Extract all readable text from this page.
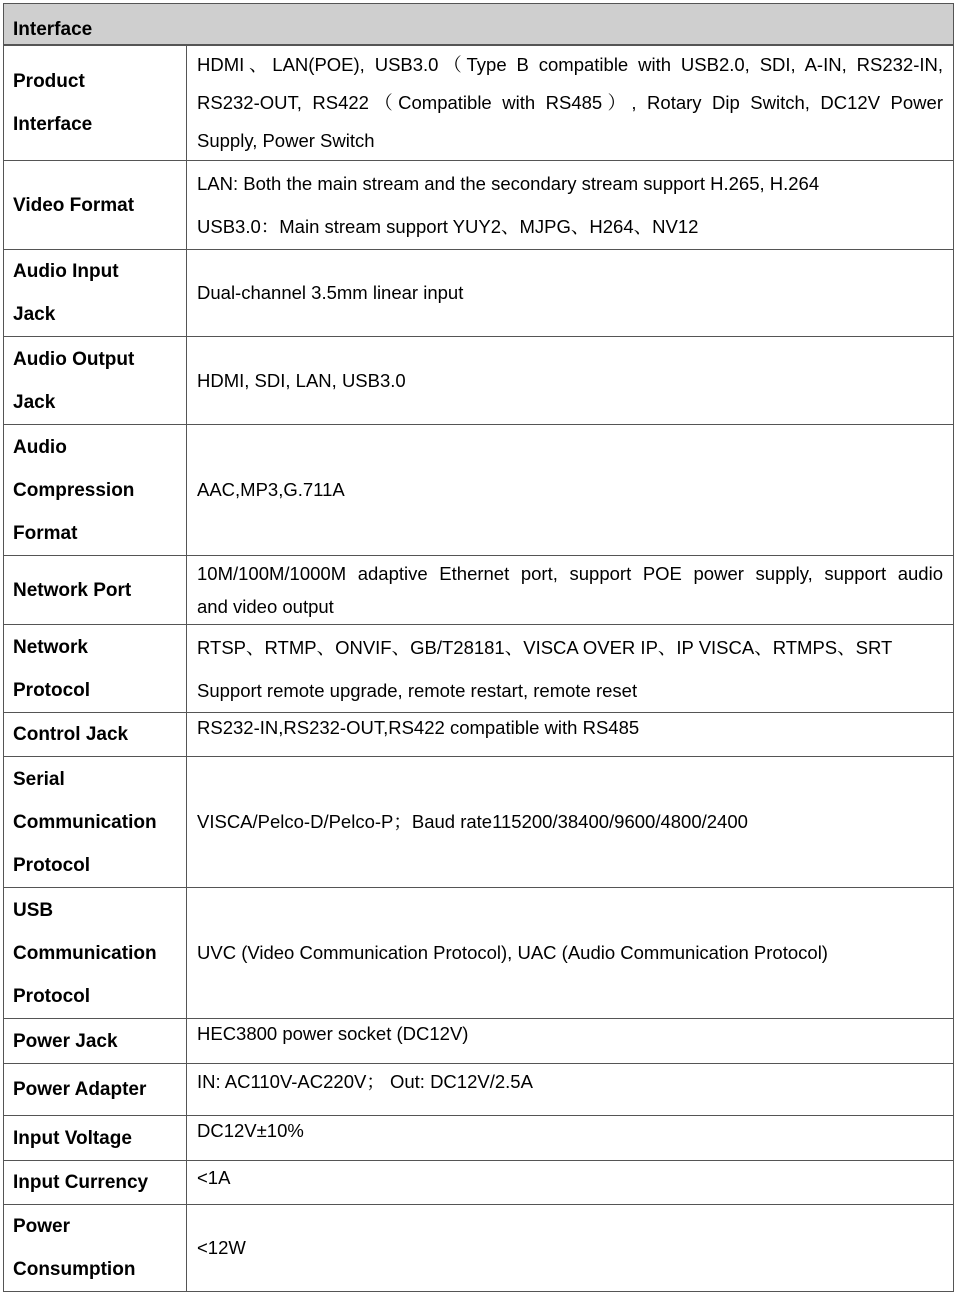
Interface
Product
Interface	HDMI、LAN(POE), USB3.0（Type B compatible with USB2.0, SDI, A-IN, RS232-IN,
RS232-OUT, RS422（Compatible with RS485）, Rotary Dip Switch, DC12V Power
Supply, Power Switch

Video Format	LAN: Both the main stream and the secondary stream support H.265, H.264
USB3.0：Main stream support YUY2、MJPG、H264、NV12

Audio Input
Jack	Dual-channel 3.5mm linear input

Audio Output
Jack	HDMI, SDI, LAN, USB3.0

Audio
Compression
Format	AAC,MP3,G.711A

Network Port	10M/100M/1000M adaptive Ethernet port, support POE power supply, support audio
and video output

Network
Protocol	RTSP、RTMP、ONVIF、GB/T28181、VISCA OVER IP、IP VISCA、RTMPS、SRT
Support remote upgrade, remote restart, remote reset

Control Jack	RS232-IN,RS232-OUT,RS422 compatible with RS485

Serial
Communication
Protocol	VISCA/Pelco-D/Pelco-P；Baud rate115200/38400/9600/4800/2400

USB
Communication
Protocol	UVC (Video Communication Protocol), UAC (Audio Communication Protocol)

Power Jack	HEC3800 power socket (DC12V)

Power Adapter	IN: AC110V-AC220V； Out: DC12V/2.5A

Input Voltage	DC12V±10%

Input Currency	<1A

Power
Consumption	<12W
